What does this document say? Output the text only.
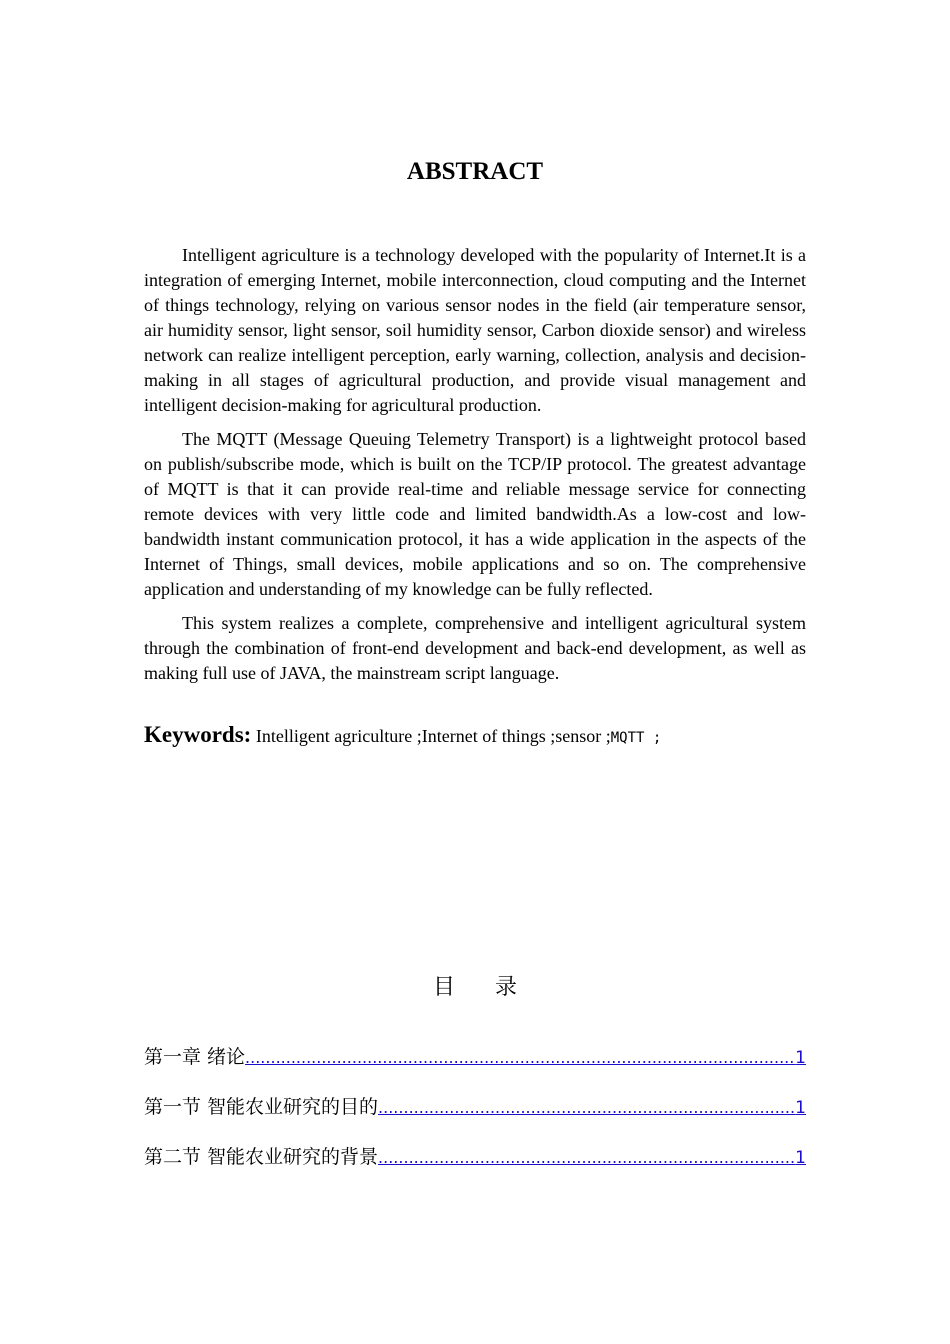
ABSTRACT

Intelligent agriculture is a technology developed with the popularity of Internet.It is a integration of emerging Internet, mobile interconnection, cloud computing and the Internet of things technology, relying on various sensor nodes in the field (air temperature sensor, air humidity sensor, light sensor, soil humidity sensor, Carbon dioxide sensor) and wireless network can realize intelligent perception, early warning, collection, analysis and decision-making in all stages of agricultural production, and provide visual management and intelligent decision-making for agricultural production.

The MQTT (Message Queuing Telemetry Transport) is a lightweight protocol based on publish/subscribe mode, which is built on the TCP/IP protocol. The greatest advantage of MQTT is that it can provide real-time and reliable message service for connecting remote devices with very little code and limited bandwidth.As a low-cost and low-bandwidth instant communication protocol, it has a wide application in the aspects of the Internet of Things, small devices, mobile applications and so on. The comprehensive application and understanding of my knowledge can be fully reflected.

This system realizes a complete, comprehensive and intelligent agricultural system through the combination of front-end development and back-end development, as well as making full use of JAVA, the mainstream script language.

Keywords: Intelligent agriculture ;Internet of things ;sensor ;MQTT ;
目录
第一章 绪论 .....	1
第一节 智能农业研究的目的 .....	1
第二节 智能农业研究的背景 .....	1
